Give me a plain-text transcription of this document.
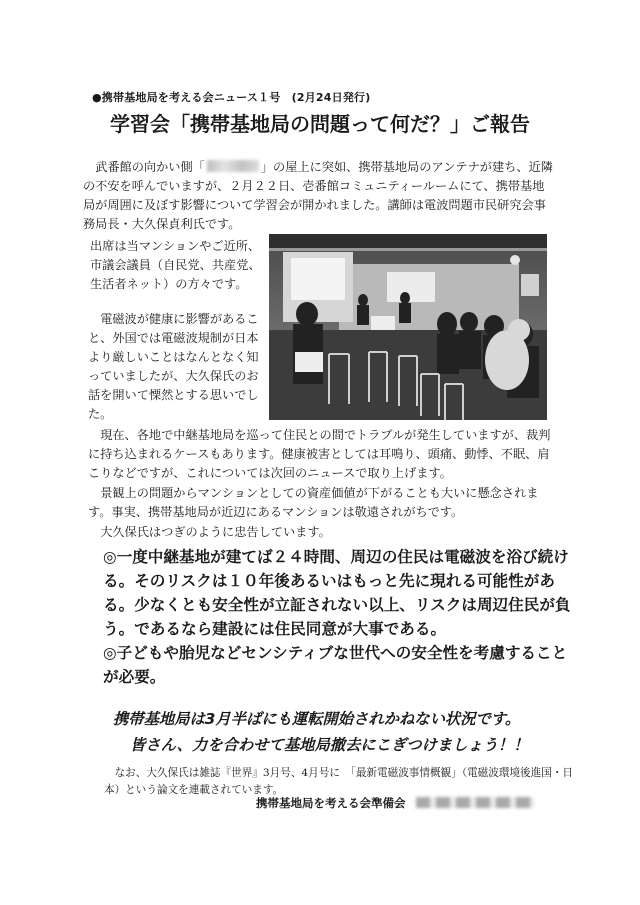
●携帯基地局を考える会ニュース１号　(2月24日発行)
学習会「携帯基地局の問題って何だ？」ご報告

武番館の向かい側「	」の屋上に突如、携帯基地局のアンテナが建ち、近隣の不安を呼んでいますが、２月２２日、壱番館コミュニティールームにて、携帯基地局が周囲に及ぼす影響について学習会が開かれました。講師は電波問題市民研究会事務局長・大久保貞利氏です。

出席は当マンションやご近所、市議会議員（自民党、共産党、生活者ネット）の方々です。

電磁波が健康に影響があること、外国では電磁波規制が日本より厳しいことはなんとなく知っていましたが、大久保氏のお話を開いて慄然とする思いでした。

現在、各地で中継基地局を巡って住民との間でトラブルが発生していますが、裁判に持ち込まれるケースもあります。健康被害としては耳鳴り、頭痛、動悸、不眠、肩こりなどですが、これについては次回のニュースで取り上げます。

景観上の問題からマンションとしての資産価値が下がることも大いに懸念されます。事実、携帯基地局が近辺にあるマンションは敬遠されがちです。

大久保氏はつぎのように忠告しています。

◎一度中継基地が建てば２４時間、周辺の住民は電磁波を浴び続ける。そのリスクは１０年後あるいはもっと先に現れる可能性がある。少なくとも安全性が立証されない以上、リスクは周辺住民が負う。であるなら建設には住民同意が大事である。

◎子どもや胎児などセンシティブな世代への安全性を考慮することが必要。

携帯基地局は3月半ばにも運転開始されかねない状況です。
皆さん、力を合わせて基地局撤去にこぎつけましょう！！

なお、大久保氏は雑誌『世界』3月号、4月号に　「最新電磁波事情概観」（電磁波環境後進国・日本）という論文を連載されています。

携帯基地局を考える会準備会
